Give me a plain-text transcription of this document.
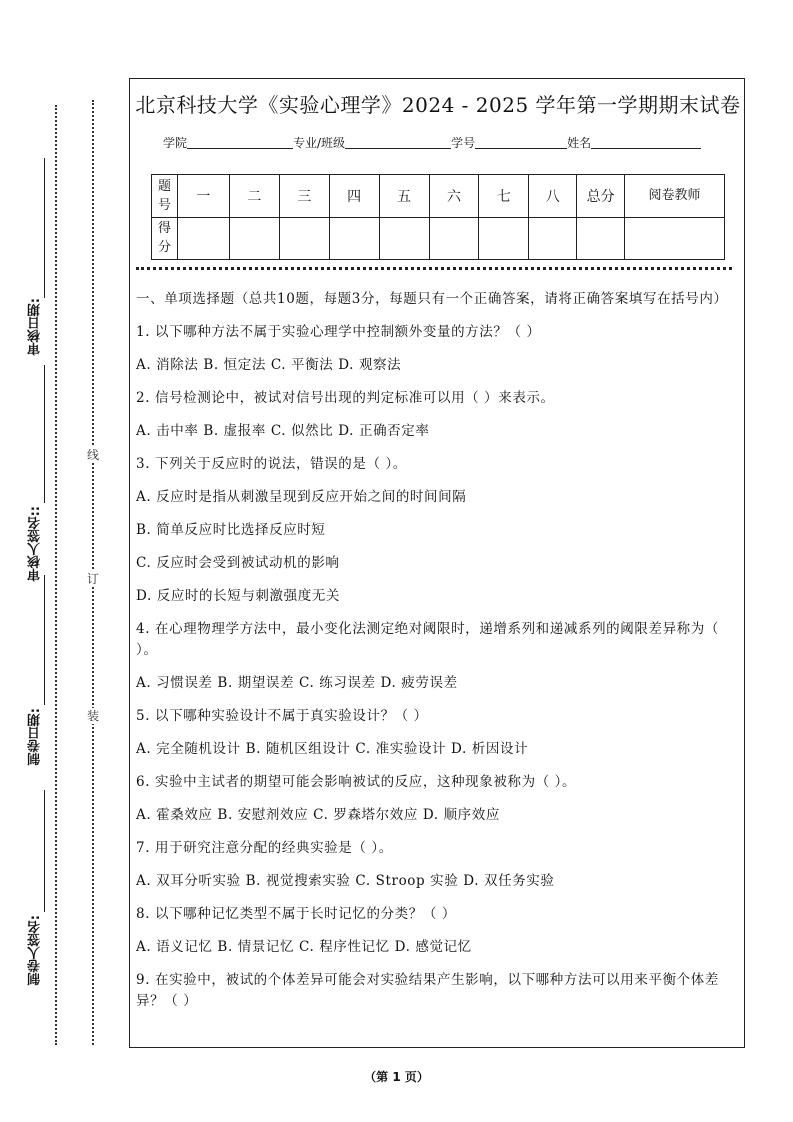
审核日期:
审核人签名::
制卷日期:
制卷人签名:
线
订
装
北京科技大学《实验心理学》2024 - 2025 学年第一学期期末试卷
学院	专业/班级	学号	姓名
题号	一	二	三	四	五	六	七	八	总分	阅卷教师
得分										

一、单项选择题（总共10题，每题3分，每题只有一个正确答案，请将正确答案填写在括号内）

1. 以下哪种方法不属于实验心理学中控制额外变量的方法？（ ）

A. 消除法 B. 恒定法 C. 平衡法 D. 观察法

2. 信号检测论中，被试对信号出现的判定标准可以用（ ）来表示。

A. 击中率 B. 虚报率 C. 似然比 D. 正确否定率

3. 下列关于反应时的说法，错误的是（ ）。

A. 反应时是指从刺激呈现到反应开始之间的时间间隔

B. 简单反应时比选择反应时短

C. 反应时会受到被试动机的影响

D. 反应时的长短与刺激强度无关

4. 在心理物理学方法中，最小变化法测定绝对阈限时，递增系列和递减系列的阈限差异称为（ ）。

A. 习惯误差 B. 期望误差 C. 练习误差 D. 疲劳误差

5. 以下哪种实验设计不属于真实验设计？（ ）

A. 完全随机设计 B. 随机区组设计 C. 准实验设计 D. 析因设计

6. 实验中主试者的期望可能会影响被试的反应，这种现象被称为（ ）。

A. 霍桑效应 B. 安慰剂效应 C. 罗森塔尔效应 D. 顺序效应

7. 用于研究注意分配的经典实验是（ ）。

A. 双耳分听实验 B. 视觉搜索实验 C. Stroop 实验 D. 双任务实验

8. 以下哪种记忆类型不属于长时记忆的分类？（ ）

A. 语义记忆 B. 情景记忆 C. 程序性记忆 D. 感觉记忆

9. 在实验中，被试的个体差异可能会对实验结果产生影响，以下哪种方法可以用来平衡个体差异？（ ）

（第 1 页）
